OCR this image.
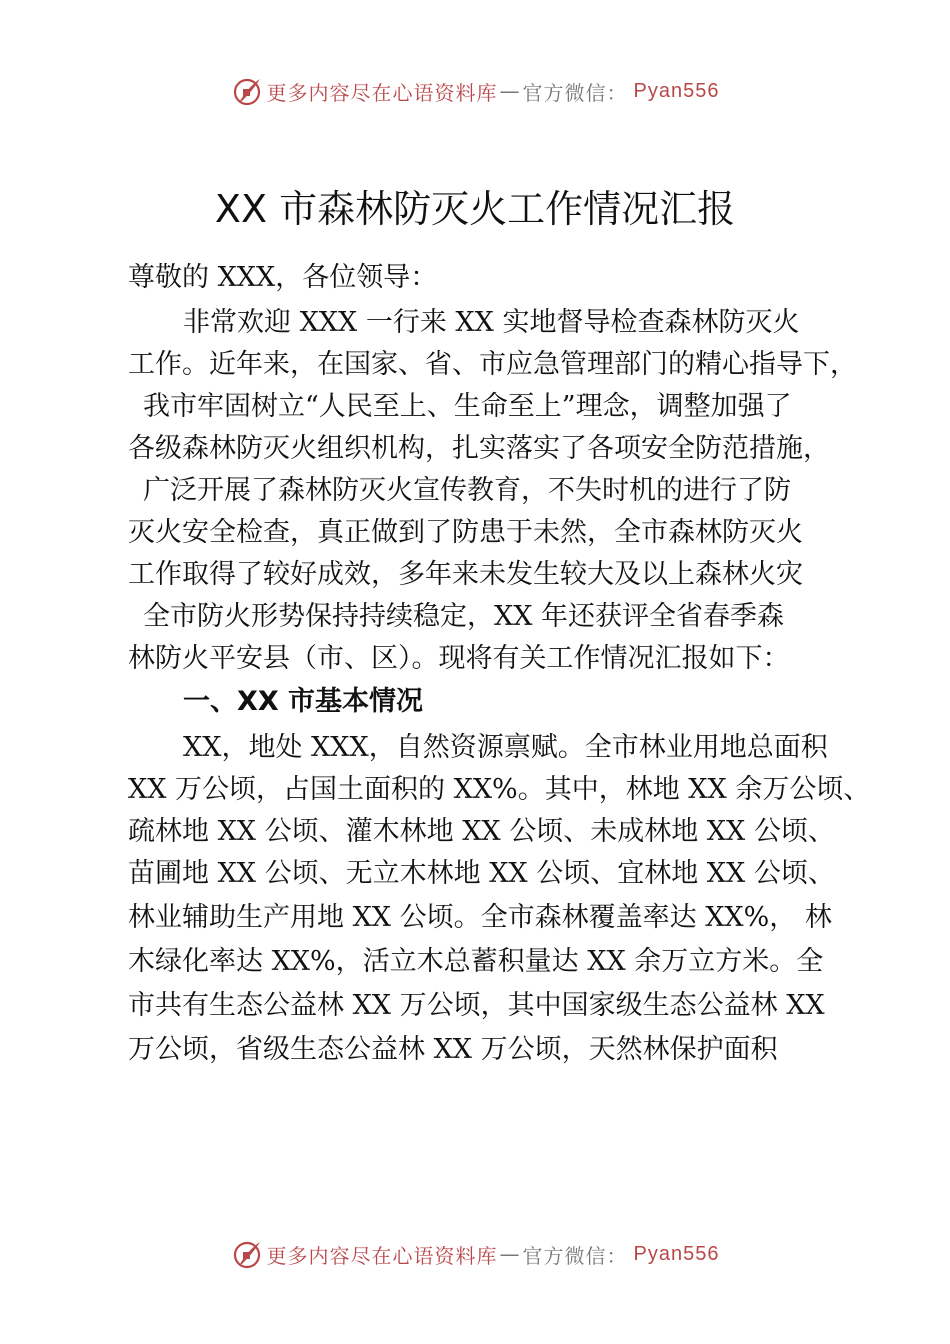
更多内容尽在心语资料库 — 官方微信： Pyan556
XX 市森林防灭火工作情况汇报
尊敬的 XXX，各位领导：
非常欢迎 XXX 一行来 XX 实地督导检查森林防灭火
工作。近年来，在国家、省、市应急管理部门的精心指导下，
我市牢固树立“人民至上、生命至上”理念，调整加强了
各级森林防灭火组织机构，扎实落实了各项安全防范措施，
广泛开展了森林防灭火宣传教育，不失时机的进行了防
灭火安全检查，真正做到了防患于未然，全市森林防灭火
工作取得了较好成效，多年来未发生较大及以上森林火灾
全市防火形势保持持续稳定，XX 年还获评全省春季森
林防火平安县（市、区）。现将有关工作情况汇报如下：
一、XX 市基本情况
XX，地处 XXX，自然资源禀赋。全市林业用地总面积
XX 万公顷，占国土面积的 XX%。其中，林地 XX 余万公顷、
疏林地 XX 公顷、灌木林地 XX 公顷、未成林地 XX 公顷、
苗圃地 XX 公顷、无立木林地 XX 公顷、宜林地 XX 公顷、
林业辅助生产用地 XX 公顷。全市森林覆盖率达 XX%， 林
木绿化率达 XX%，活立木总蓄积量达 XX 余万立方米。全
市共有生态公益林 XX 万公顷，其中国家级生态公益林 XX
万公顷，省级生态公益林 XX 万公顷，天然林保护面积
更多内容尽在心语资料库 — 官方微信： Pyan556
